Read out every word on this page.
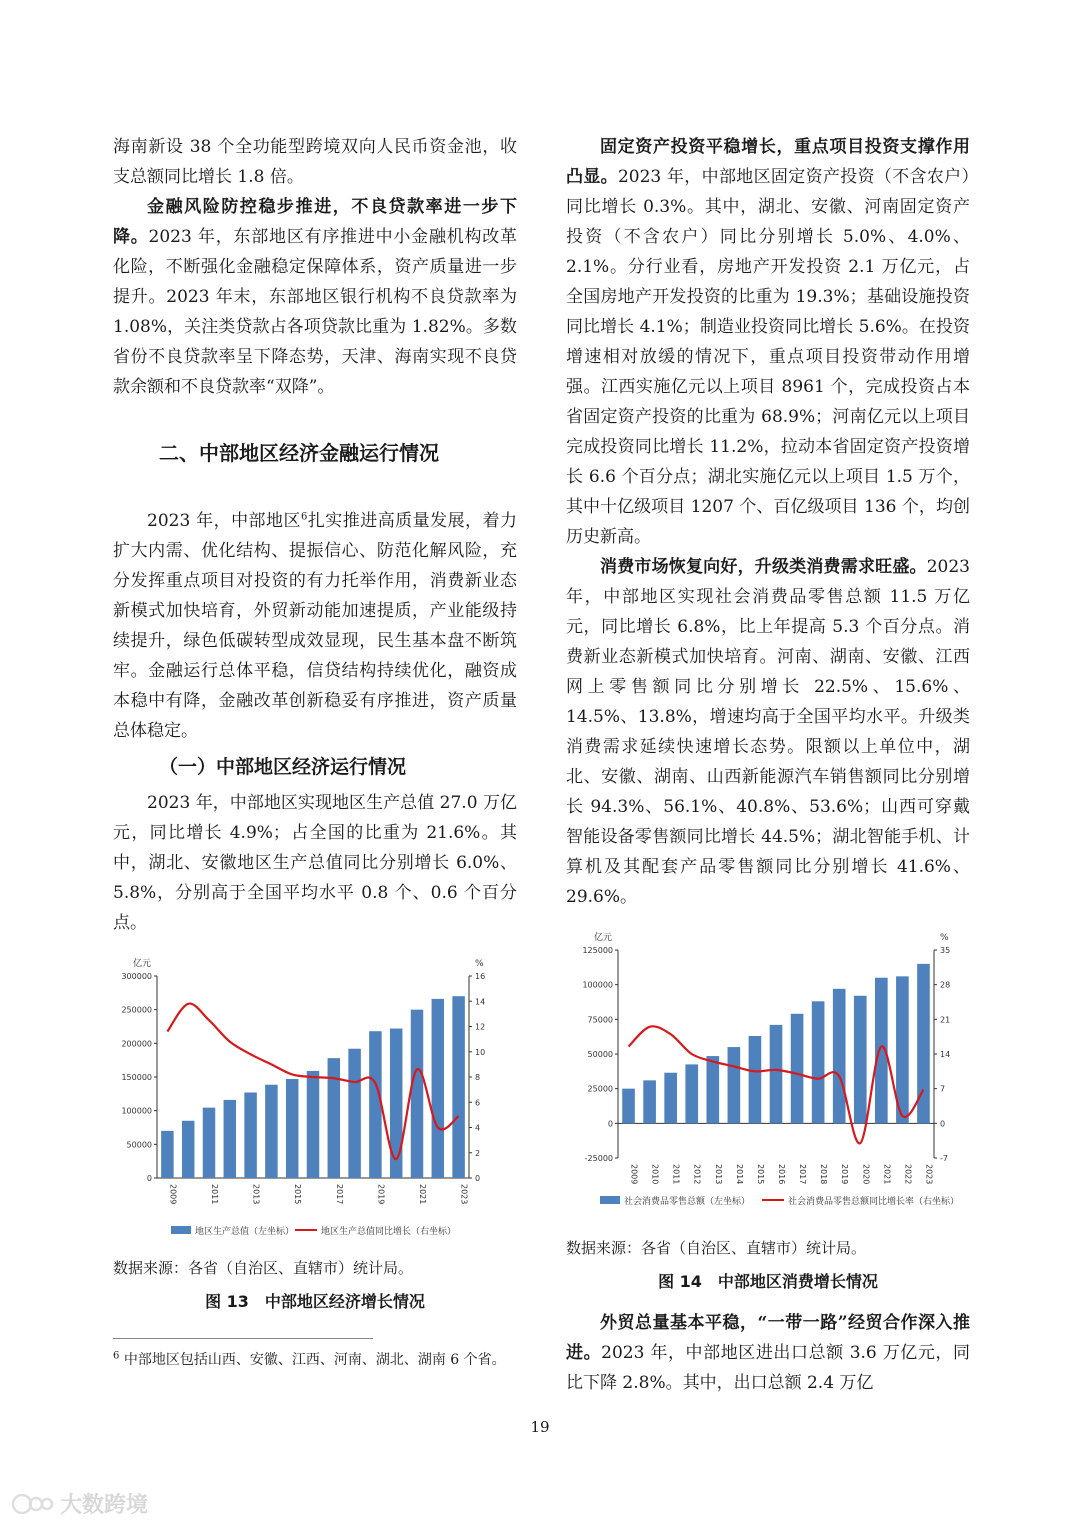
海南新设 38 个全功能型跨境双向人民币资金池，收支总额同比增长 1.8 倍。

金融风险防控稳步推进，不良贷款率进一步下降。2023 年，东部地区有序推进中小金融机构改革化险，不断强化金融稳定保障体系，资产质量进一步提升。2023 年末，东部地区银行机构不良贷款率为 1.08%，关注类贷款占各项贷款比重为 1.82%。多数省份不良贷款率呈下降态势，天津、海南实现不良贷款余额和不良贷款率“双降”。

二、中部地区经济金融运行情况

2023 年，中部地区$^6$扎实推进高质量发展，着力扩大内需、优化结构、提振信心、防范化解风险，充分发挥重点项目对投资的有力托举作用，消费新业态新模式加快培育，外贸新动能加速提质，产业能级持续提升，绿色低碳转型成效显现，民生基本盘不断筑牢。金融运行总体平稳，信贷结构持续优化，融资成本稳中有降，金融改革创新稳妥有序推进，资产质量总体稳定。

（一）中部地区经济运行情况

2023 年，中部地区实现地区生产总值 27.0 万亿元，同比增长 4.9%；占全国的比重为 21.6%。其中，湖北、安徽地区生产总值同比分别增长 6.0%、5.8%，分别高于全国平均水平 0.8 个、0.6 个百分点。

亿元	%
0
50000
100000
150000
200000
250000
300000
0
2
4
6
8
10
12
14
16
2009	2011	2013	2015	2017	2019	2021	2023
地区生产总值（左坐标）	地区生产总值同比增长（右坐标）

数据来源：各省（自治区、直辖市）统计局。

图 13　中部地区经济增长情况

$^6$ 中部地区包括山西、安徽、江西、河南、湖北、湖南 6 个省。

固定资产投资平稳增长，重点项目投资支撑作用凸显。2023 年，中部地区固定资产投资（不含农户）同比增长 0.3%。其中，湖北、安徽、河南固定资产投资（不含农户）同比分别增长 5.0%、4.0%、2.1%。分行业看，房地产开发投资 2.1 万亿元，占全国房地产开发投资的比重为 19.3%；基础设施投资同比增长 4.1%；制造业投资同比增长 5.6%。在投资增速相对放缓的情况下，重点项目投资带动作用增强。江西实施亿元以上项目 8961 个，完成投资占本省固定资产投资的比重为 68.9%；河南亿元以上项目完成投资同比增长 11.2%，拉动本省固定资产投资增长 6.6 个百分点；湖北实施亿元以上项目 1.5 万个，其中十亿级项目 1207 个、百亿级项目 136 个，均创历史新高。

消费市场恢复向好，升级类消费需求旺盛。2023 年，中部地区实现社会消费品零售总额 11.5 万亿元，同比增长 6.8%，比上年提高 5.3 个百分点。消费新业态新模式加快培育。河南、湖南、安徽、江西网上零售额同比分别增长 22.5%、15.6%、14.5%、13.8%，增速均高于全国平均水平。升级类消费需求延续快速增长态势。限额以上单位中，湖北、安徽、湖南、山西新能源汽车销售额同比分别增长 94.3%、56.1%、40.8%、53.6%；山西可穿戴智能设备零售额同比增长 44.5%；湖北智能手机、计算机及其配套产品零售额同比分别增长 41.6%、29.6%。

亿元	%
-25000
0
25000
50000
75000
100000
125000
-7
0
7
14
21
28
35
2009 2010 2011 2012 2013 2014 2015 2016 2017 2018 2019 2020 2021 2022 2023
社会消费品零售总额（左坐标）	社会消费品零售总额同比增长率（右坐标）

数据来源：各省（自治区、直辖市）统计局。

图 14　中部地区消费增长情况

外贸总量基本平稳，“一带一路”经贸合作深入推进。2023 年，中部地区进出口总额 3.6 万亿元，同比下降 2.8%。其中，出口总额 2.4 万亿

19
大数跨境
